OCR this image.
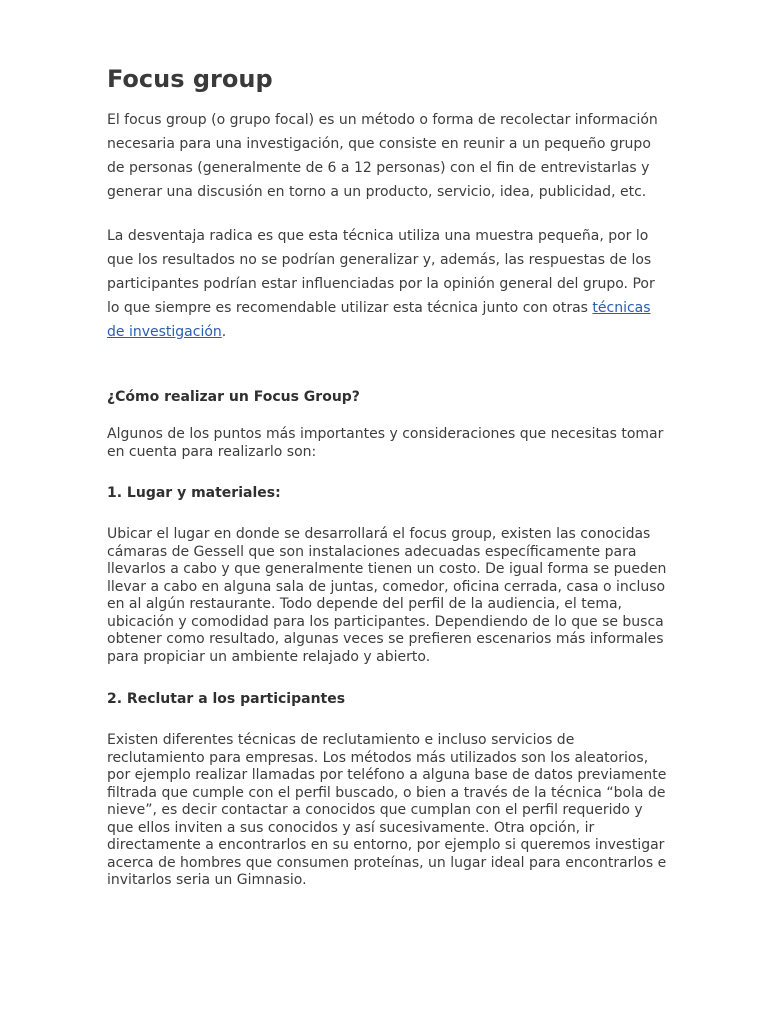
Focus group

El focus group (o grupo focal) es un método o forma de recolectar información necesaria para una investigación, que consiste en reunir a un pequeño grupo de personas (generalmente de 6 a 12 personas) con el fin de entrevistarlas y generar una discusión en torno a un producto, servicio, idea, publicidad, etc.

La desventaja radica es que esta técnica utiliza una muestra pequeña, por lo que los resultados no se podrían generalizar y, además, las respuestas de los participantes podrían estar influenciadas por la opinión general del grupo. Por lo que siempre es recomendable utilizar esta técnica junto con otras técnicas de investigación.

¿Cómo realizar un Focus Group?

Algunos de los puntos más importantes y consideraciones que necesitas tomar en cuenta para realizarlo son:

1. Lugar y materiales:

Ubicar el lugar en donde se desarrollará el focus group, existen las conocidas cámaras de Gessell que son instalaciones adecuadas específicamente para llevarlos a cabo y que generalmente tienen un costo. De igual forma se pueden llevar a cabo en alguna sala de juntas, comedor, oficina cerrada, casa o incluso en al algún restaurante. Todo depende del perfil de la audiencia, el tema, ubicación y comodidad para los participantes. Dependiendo de lo que se busca obtener como resultado, algunas veces se prefieren escenarios más informales para propiciar un ambiente relajado y abierto.

2. Reclutar a los participantes

Existen diferentes técnicas de reclutamiento e incluso servicios de reclutamiento para empresas. Los métodos más utilizados son los aleatorios, por ejemplo realizar llamadas por teléfono a alguna base de datos previamente filtrada que cumple con el perfil buscado, o bien a través de la técnica “bola de nieve”, es decir contactar a conocidos que cumplan con el perfil requerido y que ellos inviten a sus conocidos y así sucesivamente. Otra opción, ir directamente a encontrarlos en su entorno, por ejemplo si queremos investigar acerca de hombres que consumen proteínas, un lugar ideal para encontrarlos e invitarlos seria un Gimnasio.
